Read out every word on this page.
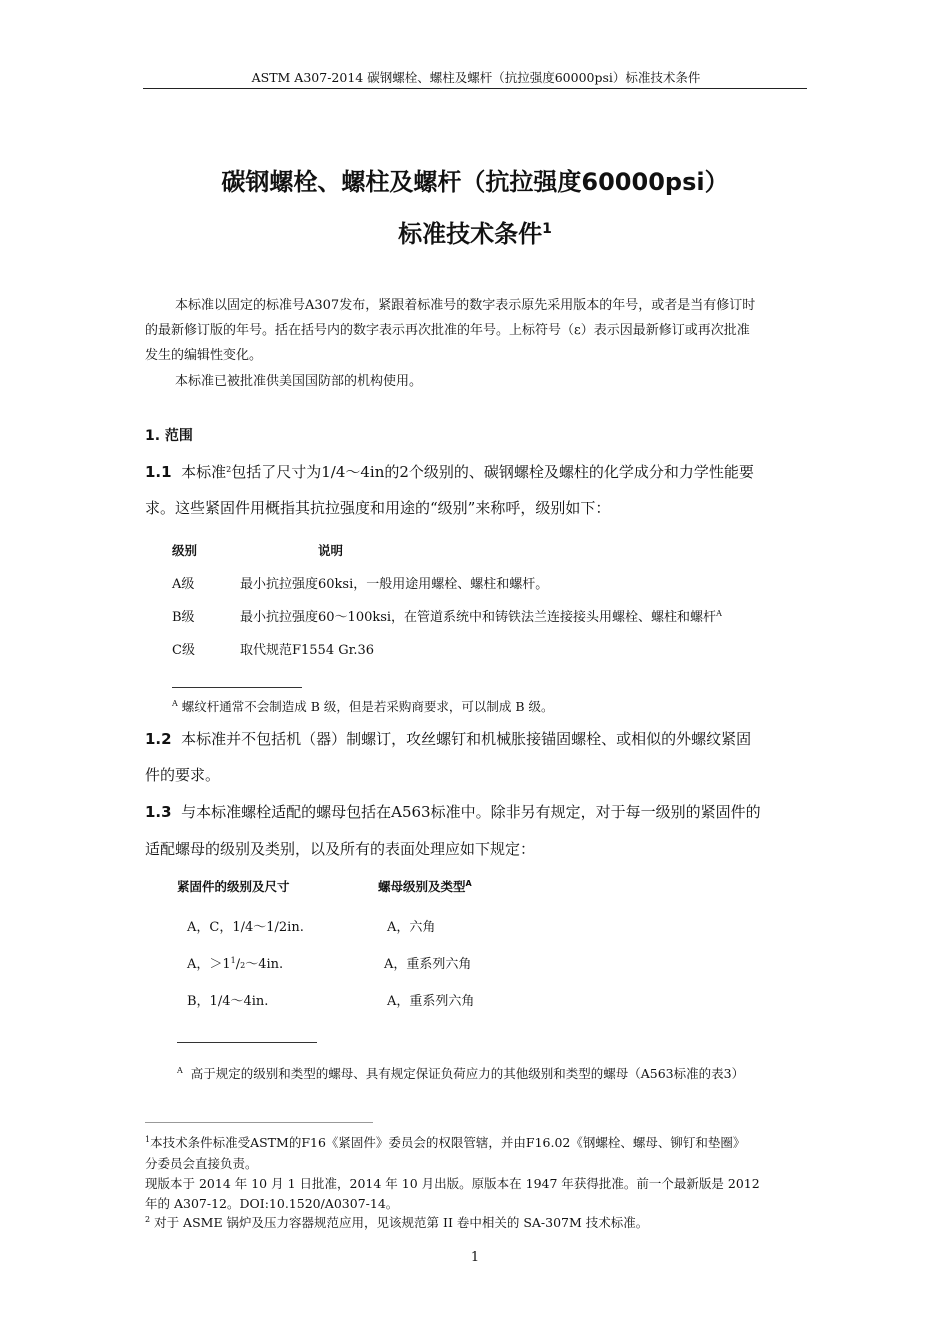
ASTM A307-2014 碳钢螺栓、螺柱及螺杆（抗拉强度60000psi）标准技术条件
碳钢螺栓、螺柱及螺杆（抗拉强度60000psi）
标准技术条件$^1$
本标准以固定的标准号A307发布，紧跟着标准号的数字表示原先采用版本的年号，或者是当有修订时
的最新修订版的年号。括在括号内的数字表示再次批准的年号。上标符号（ε）表示因最新修订或再次批准
发生的编辑性变化。
本标准已被批准供美国国防部的机构使用。
1. 范围
1.1 本标准$^2$包括了尺寸为1/4～4in的2个级别的、碳钢螺栓及螺柱的化学成分和力学性能要
求。这些紧固件用概指其抗拉强度和用途的“级别”来称呼，级别如下：
级别	说明
A级	最小抗拉强度60ksi，一般用途用螺栓、螺柱和螺杆。
B级	最小抗拉强度60～100ksi，在管道系统中和铸铁法兰连接接头用螺栓、螺柱和螺杆$^A$
C级	取代规范F1554 Gr.36
$^A$ 螺纹杆通常不会制造成 B 级，但是若采购商要求，可以制成 B 级。
1.2 本标准并不包括机（器）制螺订，攻丝螺钉和机械胀接锚固螺栓、或相似的外螺纹紧固
件的要求。
1.3 与本标准螺栓适配的螺母包括在A563标准中。除非另有规定，对于每一级别的紧固件的
适配螺母的级别及类别，以及所有的表面处理应如下规定：
紧固件的级别及尺寸	螺母级别及类型$^A$
A，C，1/4～1/2in.	A，六角
A，$>1^1/2\sim 4in$.	A，重系列六角
B，1/4～4in.	A，重系列六角
$^A$ 高于规定的级别和类型的螺母、具有规定保证负荷应力的其他级别和类型的螺母（A563标准的表3）
$^1$本技术条件标准受ASTM的F16《紧固件》委员会的权限管辖，并由F16.02《钢螺栓、螺母、铆钉和垫圈》
分委员会直接负责。
现版本于 2014 年 10 月 1 日批准，2014 年 10 月出版。原版本在 1947 年获得批准。前一个最新版是 2012
年的 A307-12。DOI:10.1520/A0307-14。
$^2$ 对于 ASME 锅炉及压力容器规范应用，见该规范第 II 卷中相关的 SA-307M 技术标准。
1
